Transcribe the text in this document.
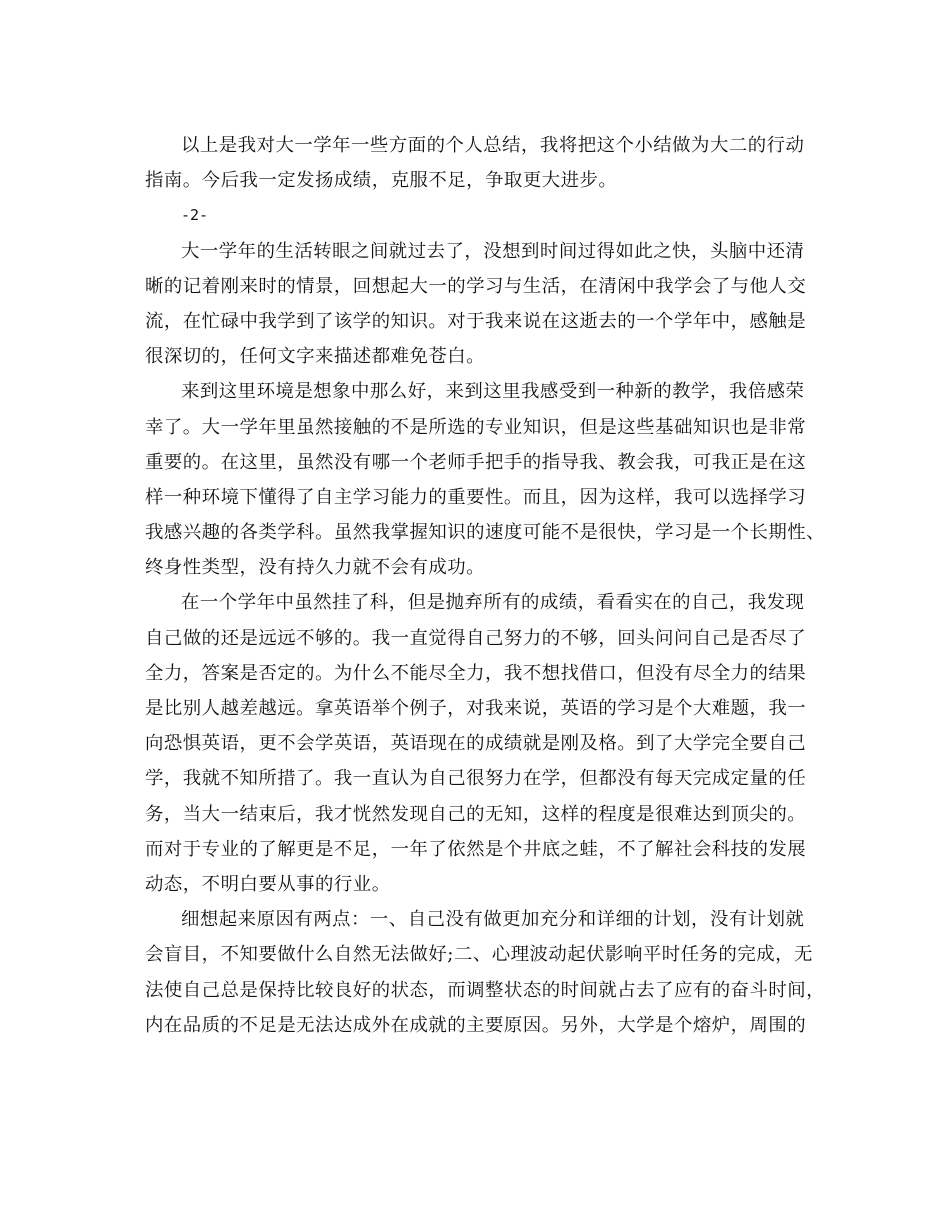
以上是我对大一学年一些方面的个人总结，我将把这个小结做为大二的行动
指南。今后我一定发扬成绩，克服不足，争取更大进步。
-2-
大一学年的生活转眼之间就过去了，没想到时间过得如此之快，头脑中还清
晰的记着刚来时的情景，回想起大一的学习与生活，在清闲中我学会了与他人交
流，在忙碌中我学到了该学的知识。对于我来说在这逝去的一个学年中，感触是
很深切的，任何文字来描述都难免苍白。
来到这里环境是想象中那么好，来到这里我感受到一种新的教学，我倍感荣
幸了。大一学年里虽然接触的不是所选的专业知识，但是这些基础知识也是非常
重要的。在这里，虽然没有哪一个老师手把手的指导我、教会我，可我正是在这
样一种环境下懂得了自主学习能力的重要性。而且，因为这样，我可以选择学习
我感兴趣的各类学科。虽然我掌握知识的速度可能不是很快，学习是一个长期性、
终身性类型，没有持久力就不会有成功。
在一个学年中虽然挂了科，但是抛弃所有的成绩，看看实在的自己，我发现
自己做的还是远远不够的。我一直觉得自己努力的不够，回头问问自己是否尽了
全力，答案是否定的。为什么不能尽全力，我不想找借口，但没有尽全力的结果
是比别人越差越远。拿英语举个例子，对我来说，英语的学习是个大难题，我一
向恐惧英语，更不会学英语，英语现在的成绩就是刚及格。到了大学完全要自己
学，我就不知所措了。我一直认为自己很努力在学，但都没有每天完成定量的任
务，当大一结束后，我才恍然发现自己的无知，这样的程度是很难达到顶尖的。
而对于专业的了解更是不足，一年了依然是个井底之蛙，不了解社会科技的发展
动态，不明白要从事的行业。
细想起来原因有两点：一、自己没有做更加充分和详细的计划，没有计划就
会盲目，不知要做什么自然无法做好;二、心理波动起伏影响平时任务的完成，无
法使自己总是保持比较良好的状态，而调整状态的时间就占去了应有的奋斗时间，
内在品质的不足是无法达成外在成就的主要原因。另外，大学是个熔炉，周围的
